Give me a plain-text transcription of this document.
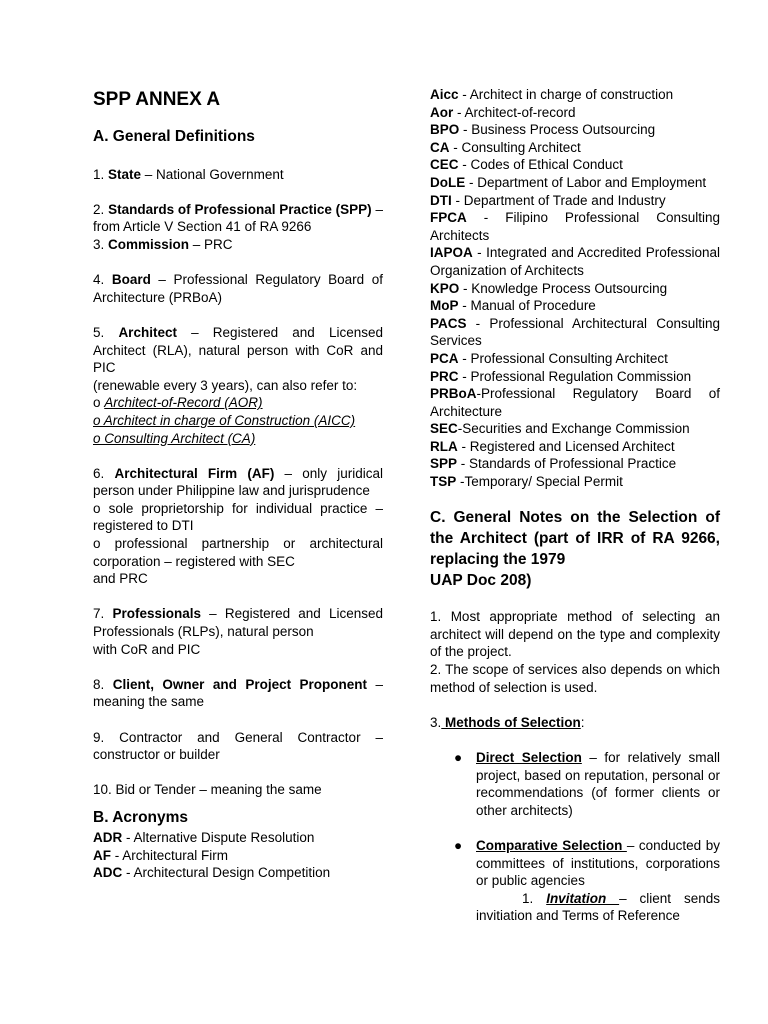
SPP ANNEX A
A. General Definitions

1. State – National Government

2. Standards of Professional Practice (SPP) – from Article V Section 41 of RA 9266

3. Commission – PRC

4. Board – Professional Regulatory Board of Architecture (PRBoA)

5. Architect – Registered and Licensed Architect (RLA), natural person with CoR and PIC

(renewable every 3 years), can also refer to:

o Architect-of-Record (AOR)

o Architect in charge of Construction (AICC)

o Consulting Architect (CA)

6. Architectural Firm (AF) – only juridical person under Philippine law and jurisprudence

o sole proprietorship for individual practice – registered to DTI

o professional partnership or architectural corporation – registered with SEC

and PRC

7. Professionals – Registered and Licensed Professionals (RLPs), natural person

with CoR and PIC

8. Client, Owner and Project Proponent – meaning the same

9. Contractor and General Contractor – constructor or builder

10. Bid or Tender – meaning the same

B. Acronyms

ADR - Alternative Dispute Resolution

AF - Architectural Firm

ADC - Architectural Design Competition

Aicc - Architect in charge of construction

Aor - Architect-of-record

BPO - Business Process Outsourcing

CA - Consulting Architect

CEC - Codes of Ethical Conduct

DoLE - Department of Labor and Employment

DTI - Department of Trade and Industry

FPCA - Filipino Professional Consulting Architects

IAPOA - Integrated and Accredited Professional Organization of Architects

KPO - Knowledge Process Outsourcing

MoP - Manual of Procedure

PACS - Professional Architectural Consulting Services

PCA - Professional Consulting Architect

PRC - Professional Regulation Commission

PRBoA-Professional Regulatory Board of Architecture

SEC-Securities and Exchange Commission

RLA - Registered and Licensed Architect

SPP - Standards of Professional Practice

TSP -Temporary/ Special Permit

C. General Notes on the Selection of the Architect (part of IRR of RA 9266, replacing the 1979
UAP Doc 208)

1. Most appropriate method of selecting an architect will depend on the type and complexity of the project.

2. The scope of services also depends on which method of selection is used.

3. Methods of Selection:

● Direct Selection – for relatively small project, based on reputation, personal or recommendations (of former clients or other architects)
● Comparative Selection – conducted by committees of institutions, corporations or public agencies

1. Invitation – client sends invitiation and Terms of Reference
